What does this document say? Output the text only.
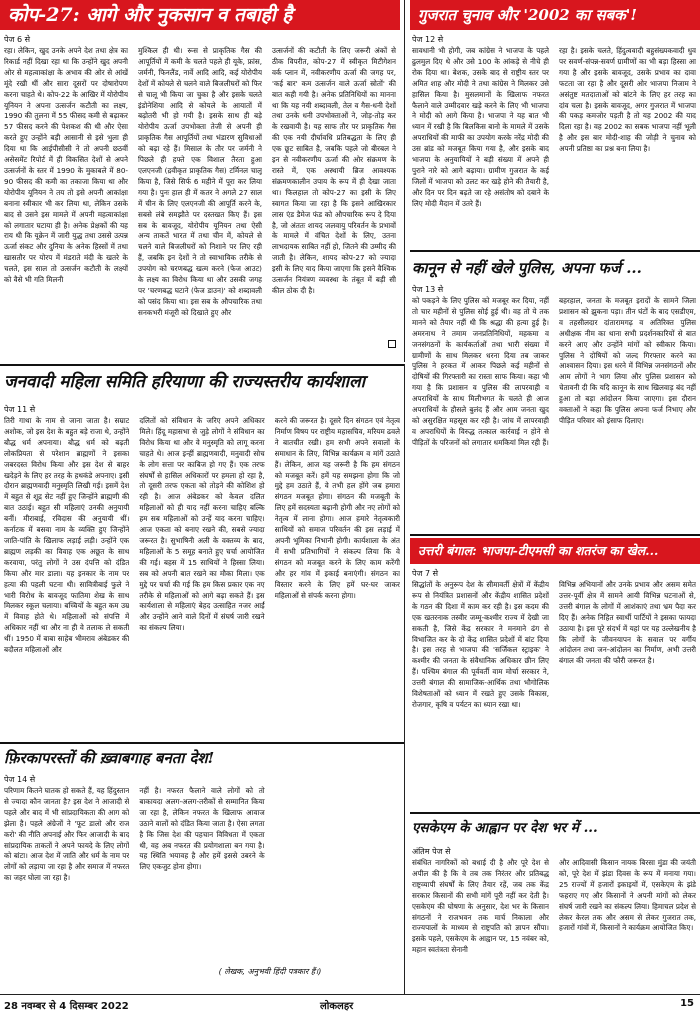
कोप-27: आगे और नुकसान व तबाही है
पेज 6 से
रहा। लेकिन, खुद उनके अपने देश तथा क्षेत्र का रिकार्ड नहीं दिखा रहा था कि उन्होंने खुद अपनी ओर से महत्वाकांक्षा के अभाव की ओर से आंखें मूंदे रखी थीं और सारा दूसरों पर दोषारोपण करना चाहते थे। कोप-22 के आखिर में योरोपीय यूनियन ने अपना उत्सर्जन कटौती का लक्ष्य, 1990 की तुलना में 55 फीसद कमी से बढ़ाकर 57 फीसद करने की पेशकश की थी और ऐसा करते हुए उन्होंने बड़ी आसानी से इसे भुला ही दिया था कि आईपीसीसी ने तो अपनी छठवीं असेसमेंट रिपोर्ट में ही विकसित देशों से अपने उत्सर्जनों के स्तर में 1990 के मुकाबले में 80-90 फीसद की कमी का तकाजा किया था और योरोपीय यूनियन ने तय तो इसे अपनी आकांक्षा बनाना स्वीकार भी कर लिया था, लेकिन उसके बाद से उसने इस मामले में अपनी महत्वाकांक्षा को लगातार घटाया ही है। अनेक प्रेक्षकों की यह राय थी कि यूक्रेन में जारी युद्ध तथा उससे उत्पन्न ऊर्जा संकट और दुनिया के अनेक हिस्सों में तथा खासतौर पर योरप में मंडराते मंदी के खतरे के चलते, इस साल तो उत्सर्जन कटौती के लक्ष्यों को वैसे भी गति मिलनी
मुश्किल ही थी। रूस से प्राकृतिक गैस की आपूर्तियों में कमी के चलते पहले ही यूके, फ्रांस, जर्मनी, फिनलैंड, नार्वे आदि आदि, कई योरोपीय देशों में कोयले से चलने वाले बिजलीघरों को फिर से चालू भी किया जा चुका है और इसके चलते इंडोनेशिया आदि से कोयले के आयातों में बढ़ोतरी भी हो गयी है। इसके साथ ही बड़े योरोपीय ऊर्जा उपभोक्ता तेजी से अपनी ही प्राकृतिक गैस आपूर्तियों तथा भंडारण सुविधाओं को बढ़ा रहे हैं। मिसाल के तौर पर जर्मनी ने पिछले ही हफ्ते एक विशाल तैरता हुआ एलएनजी (द्रवीकृत प्राकृतिक गैस) टर्मिनल चालू किया है, जिसे सिर्फ 6 महीने में पूरा कर लिया गया है। पुनः हाल ही में कतर ने अगले 27 साल में चीन के लिए एलएनजी की आपूर्ति करने के, सबसे लंबे समझौते पर दस्तखत किए हैं। इस सब के बावजूद, योरोपीय यूनियन तथा ऐसी अन्य ताकतें भारत में तथा चीन में, कोयले से चलने वाले बिजलीघरों को निशाने पर लिए रही हैं, जबकि इन देशों ने तो स्वाभाविक तरीके से उपयोग को चरणबद्ध खत्म करने (फेज आउट) के लक्ष्य का विरोध किया था और उसकी जगह पर 'चरणबद्ध घटाने (फेज डाउन)' को शब्दावली को पसंद किया था। इस सब के औपचारिक तथा सनकभरी मंजूरी को दिखाते हुए और
उत्सर्जनों की कटौती के लिए जरूरी अंकों से ठीक विपरीत, कोप-27 में स्वीकृत मिटीगेशन वर्क प्लान में, नवीकरणीय ऊर्जा की जगह पर, 'कई बार' कम उत्सर्जन वाले ऊर्जा स्रोतों' की बात कही गयी है। अनेक प्रतिनिधियों का मानना था कि यह नयी शब्दावली, तेल व गैस-धनी देशों तथा उनके धनी उपभोक्ताओं ने, जोड़-तोड़ कर के रखवायी है। यह साफ तौर पर प्राकृतिक गैस की एक नयी दीर्घावधि प्रतिबद्धता के लिए ही एक छूट साबित है, जबकि पहले जो बीरबल ने इन से नवीकरणीय ऊर्जा की ओर संक्रमण के रास्ते में, एक अस्थायी ब्रिज आवश्यक संक्रमणकालीन उपाय के रूप में ही देखा जाता था। फिलहाल तो कोप-27 का इसी के लिए स्वागत किया जा रहा है कि इसने आखिरकार लास एंड डैमेज फंड को औपचारिक रूप दे दिया है, जो अंततः शायद जलवायु परिवर्तन के प्रभावों के मामले में वंचित देशों के लिए, उतना लाभदायक साबित नहीं हो, जितने की उम्मीद की जाती है। लेकिन, शायद कोप-27 को ज्यादा इसी के लिए याद किया जाएगा कि इसने वैश्विक उत्सर्जन नियंत्रण व्यवस्था के तंबूत में बड़ी सी कील ठोक दी है।
गुजरात चुनाव और '2002 का सबक'!
पेज 12 से
सावधानी भी होगी, जब कांग्रेस ने भाजपा के पहले ढुलमुल दिए थे और उसे 100 के आंकड़े से नीचे ही रोक दिया था। बेशक, उसके बाद से राष्ट्रीय स्तर पर अमित शाह और मोदी ने तथा कांग्रेस ने मिलकर उसे हासिल किया है। मुसलमानों के खिलाफ नफरत फैलाने वाले उम्मीदवार खड़े करने के लिए भी भाजपा ने मोदी को आगे किया है। भाजपा ने यह बात भी ध्यान में रखी है कि बिलकिस बानो के मामले में उसके अपराधियों की माफी का उपयोग करके नरेंद्र मोदी की उस ब्रांड को मजबूत किया गया है, और इसके बाद भाजपा के अनुयायियों ने बड़ी संख्या में अपने ही पुराने नारे को आगे बढ़ाया। ग्रामीण गुजरात के कई जिलों में भाजपा को उलट कर खड़े होने की तैयारी है, और दिन पर दिन बढ़ते जा रहे असंतोष को दबाने के लिए मोदी मैदान में उतरे हैं।
रहा है। इसके चलते, हिंदुत्ववादी बहुसंख्यकवादी धुव पर सवर्ण-संपन्न-सवर्ण ग्रामीणों का भी बड़ा हिस्सा आ गया है और इसके बावजूद, उसके प्रभाव का दावा फटता जा रहा है और दूसरी ओर भाजपा निजाम ने असंतुष्ट मतदाताओं को बांटने के लिए हर तरह का दांव चला है। इसके बावजूद, अगर गुजरात में भाजपा की पकड़ कमजोर पड़ती है तो यह 2002 की याद दिला रहा है। वह 2002 का सबक भाजपा नहीं भूली है और इस बार मोदी-शाह की जोड़ी ने चुनाव को अपनी प्रतिष्ठा का प्रश्न बना लिया है।
कानून से नहीं खेले पुलिस, अपना फर्ज ...
पेज 13 से
को पकड़ने के लिए पुलिस को मजबूर कर दिया, नहीं तो चार महीनों से पुलिस सोई हुई थी। वह तो ये तक मानने को तैयार नहीं थी कि श्रद्धा की हत्या हुई है। अमरनाथ ने तमाम जनप्रतिनिधियों, महकमा व जनसंगठनों के कार्यकर्ताओं तथा भारी संख्या में ग्रामीणों के साथ मिलकर धरना दिया तब जाकर पुलिस ने हरकत में आकर पिछले कई महीनों से दोषियों की गिरफ्तारी का रास्ता साफ किया। कहा भी गया है कि प्रशासन व पुलिस की लापरवाही व अपराधियों के साथ मिलीभगत के चलते ही आज अपराधियों के हौसले बुलंद हैं और आम जनता खुद को असुरक्षित महसूस कर रही है। जांच में लापरवाही व अपराधियों के विरुद्ध तत्काल कार्रवाई न होने से पीड़ितों के परिजनों को लगातार धमकियां मिल रही हैं।
बहरहाल, जनता के मजबूत इरादों के सामने जिला प्रशासन को झुकना पड़ा। तीन घंटों के बाद एसडीएम, व तहसीलदार दांतारामगढ़ व अतिरिक्त पुलिस अधीक्षक नीम का थाना सभी प्रदर्शनकारियों से बात करने आए और उन्होंने मांगों को स्वीकार किया। पुलिस ने दोषियों को जल्द गिरफ्तार करने का आश्वासन दिया। इस धरने में विभिन्न जनसंगठनों और आम लोगों ने भाग लिया और पुलिस प्रशासन को चेतावनी दी कि यदि कानून के साथ खिलवाड़ बंद नहीं हुआ तो बड़ा आंदोलन किया जाएगा। इस दौरान वक्ताओं ने कहा कि पुलिस अपना फर्ज निभाए और पीड़ित परिवार को इंसाफ दिलाए।
जनवादी महिला समिति हरियाणा की राज्यस्तरीय कार्यशाला
पेज 11 से
तिरी गाथा के नाम से जाना जाता है। सम्राट अशोक, जो इस देश के बहुत बड़े राजा थे, उन्होंने बौद्ध धर्म अपनाया। बौद्ध धर्म को बढ़ती लोकप्रियता से परेशान ब्राह्मणों ने इसका जबरदस्त विरोध किया और इस देश से बाहर खदेड़ने के लिए हर तरह के हथकंडे अपनाए। इसी दौरान ब्राह्मणवादी मनुस्मृति लिखी गई। इसमें देश में बहुत से शूद्र सेट नहीं हुए जिन्होंने ब्राह्मणी की बात उठाई। बहुत सी महिलाएं उनकी अनुयायी बनीं। मीराबाई, रविदास की अनुयायी थीं। कर्नाटक में बसवा नाम के व्यक्ति हुए जिन्होंने जाति-पांति के खिलाफ लड़ाई लड़ी। उन्होंने एक ब्राह्मण लड़की का विवाह एक अछूत के साथ करवाया, परंतु लोगों ने उस दंपत्ति को दंडित किया और मार डाला। यह इनकार के नाम पर हत्या की पहली घटना थी। सावित्रीबाई फुले ने भारी विरोध के बावजूद फातिमा शेख के साथ मिलकर स्कूल चलाया। बच्चियों के बहुत कम उम्र में विवाह होते थे। महिलाओं को संपत्ति में अधिकार नहीं था और ना ही वे तलाक ले सकती थीं। 1950 में बाबा साहेब भीमराव अंबेडकर की बदौलत महिलाओं और
दलितों को संविधान के जरिए अपने अधिकार मिले। हिंदू महासभा से जुड़े लोगों ने संविधान का विरोध किया था और वे मनुस्मृति को लागू करना चाहते थे। आज इन्हीं ब्राह्मणवादी, मनुवादी सोच के लोग सत्ता पर काबिज हो गए हैं। एक तरफ संघर्षों से हासिल अधिकारों पर हमला हो रहा है, तो दूसरी तरफ एकता को तोड़ने की कोशिश हो रही है। आज अंबेडकर को केवल दलित महिलाओं को ही याद नहीं करना चाहिए बल्कि हम सब महिलाओं को उन्हें याद करना चाहिए। आज एकता को बनाए रखने की, सबसे ज्यादा जरूरत है। सुभाषिनी अली के वक्तव्य के बाद, महिलाओं के 5 समूह बनाते हुए चर्चा आयोजित की गई। बहस में 15 साथियों ने हिस्सा लिया। सब को अपनी बात रखने का मौका मिला। एक मुद्दे पर चर्चा की गई कि हम किस प्रकार एक नए तरीके से महिलाओं को आगे बढ़ा सकते हैं। इस कार्यशाला से महिलाएं बेहद उत्साहित नजर आईं और उन्होंने आने वाले दिनों में संघर्ष जारी रखने का संकल्प लिया।
करने की जरूरत है। दूसरे दिन संगठन एवं नेतृत्व निर्माण विषय पर राष्ट्रीय महासचिव, मरियम ढवले ने बातचीत रखी। हम सभी अपने सवालों के समाधान के लिए, विभिन्न कार्यक्रम व मांगें उठाते हैं। लेकिन, आज यह जरूरी है कि हम संगठन को मजबूत करें। हमें यह समझना होगा कि जो मुद्दे हम उठाते हैं, वे तभी हल होंगे जब हमारा संगठन मजबूत होगा। संगठन की मजबूती के लिए हमें सदस्यता बढ़ानी होगी और नए लोगों को नेतृत्व में लाना होगा। आज हमारे नेतृत्वकारी साथियों को समाज परिवर्तन की इस लड़ाई में अपनी भूमिका निभानी होगी। कार्यशाला के अंत में सभी प्रतिभागियों ने संकल्प लिया कि वे संगठन को मजबूत करने के लिए काम करेंगी और हर गांव में इकाई बनाएंगी। संगठन का विस्तार करने के लिए हमें घर-घर जाकर महिलाओं से संपर्क करना होगा।
उत्तरी बंगाल: भाजपा-टीएमसी का शतरंज का खेल...
पेज 7 से
सिद्धांतों के अनुरूप देश के सीमावर्ती क्षेत्रों में केंद्रीय रूप से नियंत्रित प्रशासनों और केंद्रीय शासित प्रदेशों के गठन की दिशा में काम कर रही है। इस कदम की एक खतरनाक तस्वीर जम्मू-कश्मीर राज्य में देखी जा सकती है, जिसे केंद्र सरकार ने मनमाने ढंग से विभाजित कर के दो केंद्र शासित प्रदेशों में बांट दिया है। इस तरह से भाजपा की 'सर्जिकल स्ट्राइक' ने कश्मीर की जनता के संवैधानिक अधिकार छीन लिए हैं। पश्चिम बंगाल की पूर्ववर्ती वाम मोर्चा सरकार ने, उत्तरी बंगाल की सामाजिक-आर्थिक तथा भौगोलिक विशेषताओं को ध्यान में रखते हुए उसके विकास, रोजगार, कृषि व पर्यटन का ध्यान रखा था।
विभिन्न अभियानों और उनके प्रभाव और असम समेत उत्तर-पूर्वी क्षेत्र में सामने आयी विभिन्न घटनाओं से, उत्तरी बंगाल के लोगों में आशंकाएं तथा भ्रम पैदा कर दिए हैं। अनेक निहित स्वार्थी पार्टियों ने इसका फायदा उठाया है। इस पूरे संदर्भ में यहां पर यह उल्लेखनीय है कि लोगों के जीवनयापन के सवाल पर वर्गीय आंदोलन तथा जन-आंदोलन का निर्माण, अभी उत्तरी बंगाल की जनता की फौरी जरूरत है।
फ़िरकापरस्तों की ख़्वाबगाह बनता देश!
पेज 14 से
परिणाम कितने घातक हो सकते हैं, यह हिंदुस्तान से ज्यादा कौन जानता है? इस देश ने आजादी से पहले और बाद में भी सांप्रदायिकता की आग को झेला है। पहले अंग्रेजों ने 'फूट डालो और राज करो' की नीति अपनाई और फिर आजादी के बाद सांप्रदायिक ताकतों ने अपने फायदे के लिए लोगों को बांटा। आज देश में जाति और धर्म के नाम पर लोगों को लड़ाया जा रहा है और समाज में नफरत का जहर घोला जा रहा है।
नहीं है। नफरत फैलाने वाले लोगों को तो बाकायदा अलग-अलग-तरीकों से सम्मानित किया जा रहा है, लेकिन नफरत के खिलाफ आवाज उठाने वालों को दंडित किया जाता है। ऐसा लगता है कि जिस देश की पहचान विविधता में एकता थी, वह अब नफरत की प्रयोगशाला बन गया है। यह स्थिति भयावह है और हमें इससे उबरने के लिए एकजुट होना होगा।
( लेखक, अनुभवी हिंदी पत्रकार हैं।)
एसकेएम के आह्वान पर देश भर में ...
अंतिम पेज से
संबंधित नागरिकों को बधाई दी है और पूरे देश से अपील की है कि वे तब तक निरंतर और प्रतिबद्ध राष्ट्रव्यापी संघर्षों के लिए तैयार रहें, जब तक केंद्र सरकार किसानों की सभी मांगें पूरी नहीं कर देती है। एसकेएम की घोषणा के अनुसार, देश भर के किसान संगठनों ने राजभवन तक मार्च निकाला और राज्यपालों के माध्यम से राष्ट्रपति को ज्ञापन सौंपा। इसके पहले, एसकेएम के आह्वान पर, 15 नवंबर को, महान स्वतंत्रता सेनानी
और आदिवासी किसान नायक बिरसा मुंडा की जयंती को, पूरे देश में झंडा दिवस के रूप में मनाया गया। 25 राज्यों में हजारों इकाइयों में, एसकेएम के झंडे फहराए गए और किसानों ने अपनी मांगों को लेकर संघर्ष जारी रखने का संकल्प लिया। हिमाचल प्रदेश से लेकर केरल तक और असम से लेकर गुजरात तक, हजारों गांवों में, किसानों ने कार्यक्रम आयोजित किए।
28 नवम्बर से 4 दिसम्बर 2022	लोकलहर	15
